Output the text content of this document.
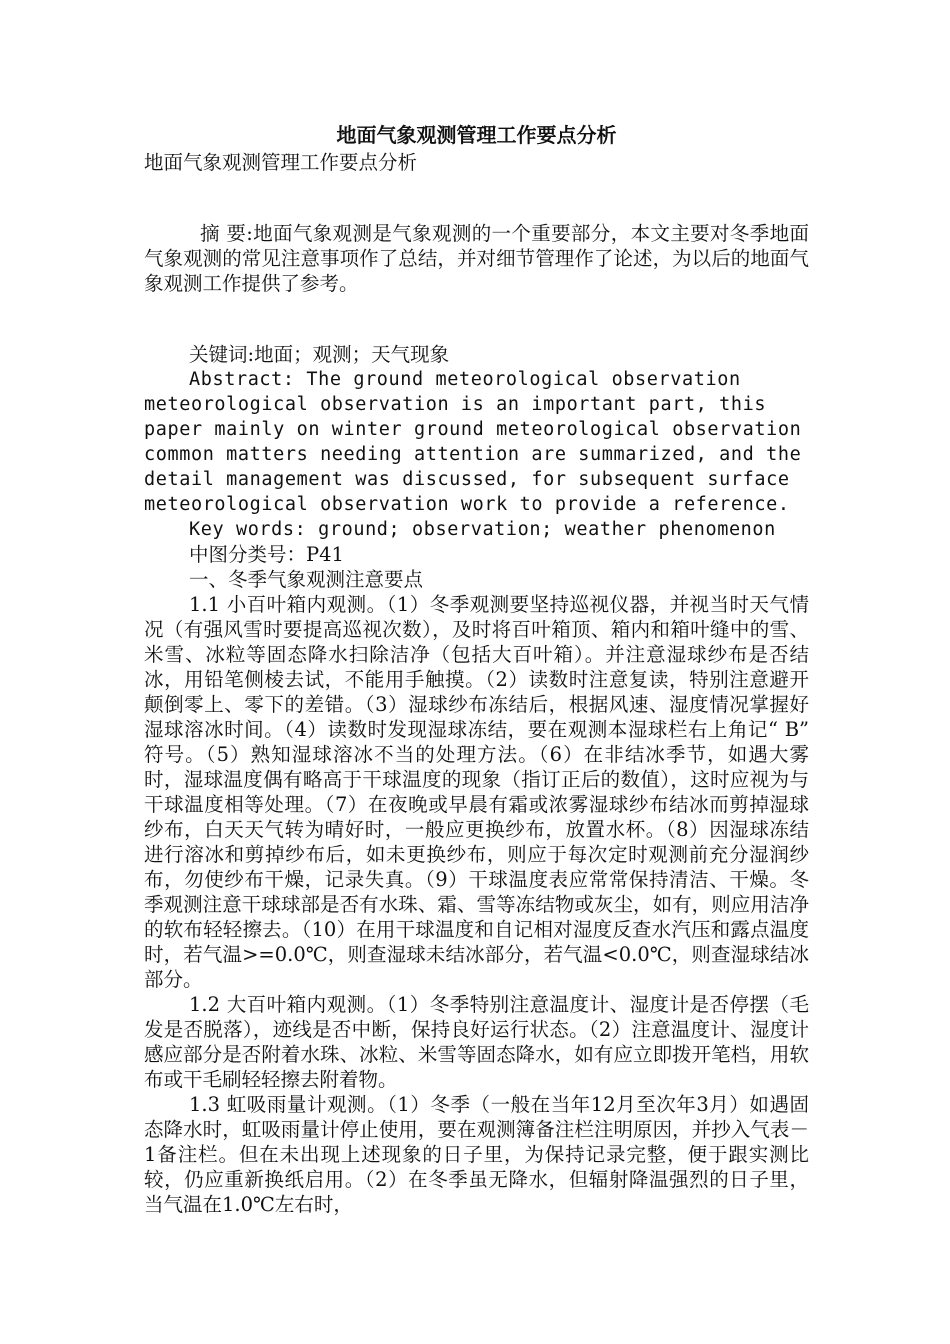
地面气象观测管理工作要点分析

地面气象观测管理工作要点分析

摘 要:地面气象观测是气象观测的一个重要部分，本文主要对冬季地面气象观测的常见注意事项作了总结，并对细节管理作了论述，为以后的地面气象观测工作提供了参考。

关键词:地面；观测；天气现象

Abstract: The ground meteorological observation meteorological observation is an important part, this paper mainly on winter ground meteorological observation common matters needing attention are summarized, and the detail management was discussed, for subsequent surface meteorological observation work to provide a reference.

Key words: ground; observation; weather phenomenon

中图分类号：P41

一、冬季气象观测注意要点

1.1 小百叶箱内观测。（1）冬季观测要坚持巡视仪器，并视当时天气情况（有强风雪时要提高巡视次数），及时将百叶箱顶、箱内和箱叶缝中的雪、米雪、冰粒等固态降水扫除洁净（包括大百叶箱）。并注意湿球纱布是否结冰，用铅笔侧棱去试，不能用手触摸。（2）读数时注意复读，特别注意避开颠倒零上、零下的差错。（3）湿球纱布冻结后，根据风速、湿度情况掌握好湿球溶冰时间。（4）读数时发现湿球冻结，要在观测本湿球栏右上角记“ B” 符号。（5）熟知湿球溶冰不当的处理方法。（6）在非结冰季节，如遇大雾时，湿球温度偶有略高于干球温度的现象（指订正后的数值），这时应视为与干球温度相等处理。（7）在夜晚或早晨有霜或浓雾湿球纱布结冰而剪掉湿球纱布，白天天气转为晴好时，一般应更换纱布，放置水杯。（8）因湿球冻结进行溶冰和剪掉纱布后，如未更换纱布，则应于每次定时观测前充分湿润纱布，勿使纱布干燥，记录失真。（9）干球温度表应常常保持清洁、干燥。冬季观测注意干球球部是否有水珠、霜、雪等冻结物或灰尘，如有，则应用洁净的软布轻轻擦去。（10）在用干球温度和自记相对湿度反查水汽压和露点温度时，若气温>=0.0℃，则查湿球未结冰部分，若气温<0.0℃，则查湿球结冰部分。

1.2 大百叶箱内观测。（1）冬季特别注意温度计、湿度计是否停摆（毛发是否脱落），迹线是否中断，保持良好运行状态。（2）注意温度计、湿度计感应部分是否附着水珠、冰粒、米雪等固态降水，如有应立即拨开笔档，用软布或干毛刷轻轻擦去附着物。

1.3 虹吸雨量计观测。（1）冬季（一般在当年12月至次年3月）如遇固态降水时，虹吸雨量计停止使用，要在观测簿备注栏注明原因，并抄入气表－1备注栏。但在未出现上述现象的日子里，为保持记录完整，便于跟实测比较，仍应重新换纸启用。（2）在冬季虽无降水，但辐射降温强烈的日子里，当气温在1.0℃左右时，
